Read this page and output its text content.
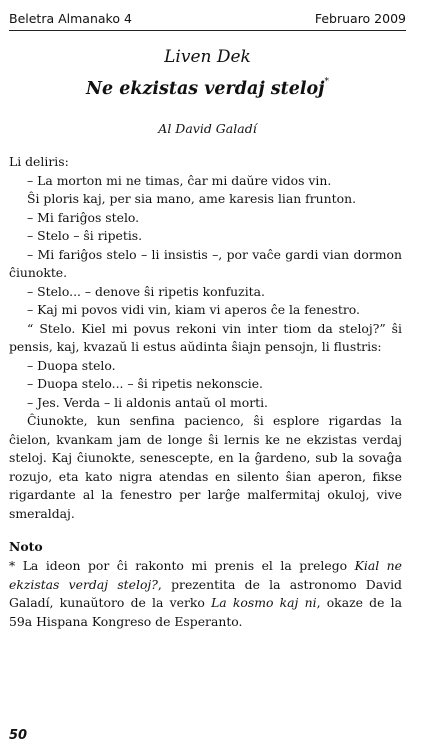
Beletra Almanako 4	Februaro 2009
Liven Dek
Ne ekzistas verdaj steloj*
Al David Galadí

Li deliris:

– La morton mi ne timas, ĉar mi daŭre vidos vin.

Ŝi ploris kaj, per sia mano, ame karesis lian frunton.

– Mi fariĝos stelo.

– Stelo – ŝi ripetis.

– Mi fariĝos stelo – li insistis –, por vaĉe gardi vian dormon ĉiunokte.

– Stelo... – denove ŝi ripetis konfuzita.

– Kaj mi povos vidi vin, kiam vi aperos ĉe la fenestro.

“ Stelo. Kiel mi povus rekoni vin inter tiom da steloj?” ŝi pensis, kaj, kvazaŭ li estus aŭdinta ŝiajn pensojn, li flustris:

– Duopa stelo.

– Duopa stelo... – ŝi ripetis nekonscie.

– Jes. Verda – li aldonis antaŭ ol morti.

Ĉiunokte, kun senfina pacienco, ŝi esplore rigardas la ĉielon, kvankam jam de longe ŝi lernis ke ne ekzistas verdaj steloj. Kaj ĉiunokte, senescepte, en la ĝardeno, sub la sovaĝa rozujo, eta kato nigra atendas en silento ŝian aperon, fikse rigardante al la fenestro per larĝe malfermitaj okuloj, vive smeraldaj.

Noto

* La ideon por ĉi rakonto mi prenis el la prelego Kial ne ekzistas verdaj steloj?, prezentita de la astronomo David Galadí, kunaŭtoro de la verko La kosmo kaj ni, okaze de la 59a Hispana Kongreso de Esperanto.

50
